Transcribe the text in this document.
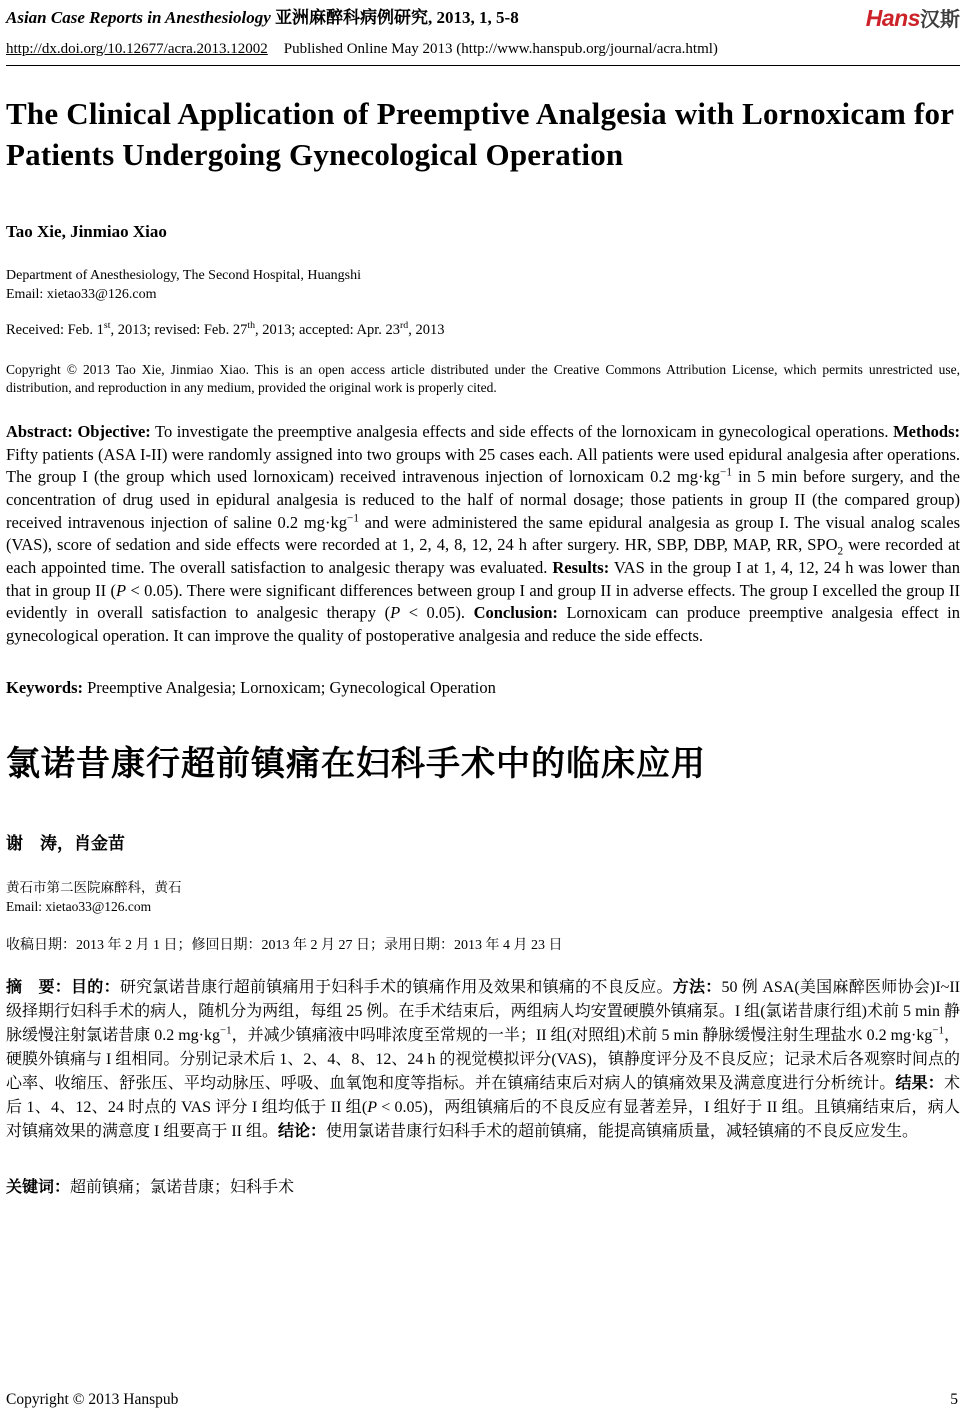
Asian Case Reports in Anesthesiology 亚洲麻醉科病例研究, 2013, 1, 5-8	Hans汉斯
http://dx.doi.org/10.12677/acra.2013.12002 Published Online May 2013 (http://www.hanspub.org/journal/acra.html)
The Clinical Application of Preemptive Analgesia with Lornoxicam for Patients Undergoing Gynecological Operation
Tao Xie, Jinmiao Xiao
Department of Anesthesiology, The Second Hospital, Huangshi
Email: xietao33@126.com
Received: Feb. 1st, 2013; revised: Feb. 27th, 2013; accepted: Apr. 23rd, 2013
Copyright © 2013 Tao Xie, Jinmiao Xiao. This is an open access article distributed under the Creative Commons Attribution License, which permits unrestricted use, distribution, and reproduction in any medium, provided the original work is properly cited.

Abstract: Objective: To investigate the preemptive analgesia effects and side effects of the lornoxicam in gynecological operations. Methods: Fifty patients (ASA I-II) were randomly assigned into two groups with 25 cases each. All patients were used epidural analgesia after operations. The group I (the group which used lornoxicam) received intravenous injection of lornoxicam 0.2 $mg\cdot kg^{-1}$ in 5 min before surgery, and the concentration of drug used in epidural analgesia is reduced to the half of normal dosage; those patients in group II (the compared group) received intravenous injection of saline 0.2 $mg\cdot kg^{-1}$ and were administered the same epidural analgesia as group I. The visual analog scales (VAS), score of sedation and side effects were recorded at 1, 2, 4, 8, 12, 24 h after surgery. HR, SBP, DBP, MAP, RR, $SPO_2$ were recorded at each appointed time. The overall satisfaction to analgesic therapy was evaluated. Results: VAS in the group I at 1, 4, 12, 24 h was lower than that in group II (P < 0.05). There were significant differences between group I and group II in adverse effects. The group I excelled the group II evidently in overall satisfaction to analgesic therapy (P < 0.05). Conclusion: Lornoxicam can produce preemptive analgesia effect in gynecological operation. It can improve the quality of postoperative analgesia and reduce the side effects.

Keywords: Preemptive Analgesia; Lornoxicam; Gynecological Operation

氯诺昔康行超前镇痛在妇科手术中的临床应用
谢　涛，肖金苗
黄石市第二医院麻醉科，黄石
Email: xietao33@126.com
收稿日期：2013 年 2 月 1 日；修回日期：2013 年 2 月 27 日；录用日期：2013 年 4 月 23 日

摘　要：目的：研究氯诺昔康行超前镇痛用于妇科手术的镇痛作用及效果和镇痛的不良反应。方法：50 例 ASA(美国麻醉医师协会)I~II 级择期行妇科手术的病人，随机分为两组，每组 25 例。在手术结束后，两组病人均安置硬膜外镇痛泵。I 组(氯诺昔康行组)术前 5 min 静脉缓慢注射氯诺昔康 0.2 $mg\cdot kg^{-1}$，并减少镇痛液中吗啡浓度至常规的一半；II 组(对照组)术前 5 min 静脉缓慢注射生理盐水 0.2 $mg\cdot kg^{-1}$，硬膜外镇痛与 I 组相同。分别记录术后 1、2、4、8、12、24 h 的视觉模拟评分(VAS)，镇静度评分及不良反应；记录术后各观察时间点的心率、收缩压、舒张压、平均动脉压、呼吸、血氧饱和度等指标。并在镇痛结束后对病人的镇痛效果及满意度进行分析统计。结果：术后 1、4、12、24 时点的 VAS 评分 I 组均低于 II 组(P < 0.05)，两组镇痛后的不良反应有显著差异，I 组好于 II 组。且镇痛结束后，病人对镇痛效果的满意度 I 组要高于 II 组。结论：使用氯诺昔康行妇科手术的超前镇痛，能提高镇痛质量，减轻镇痛的不良反应发生。

关键词：超前镇痛；氯诺昔康；妇科手术

Copyright © 2013 Hanspub	5
